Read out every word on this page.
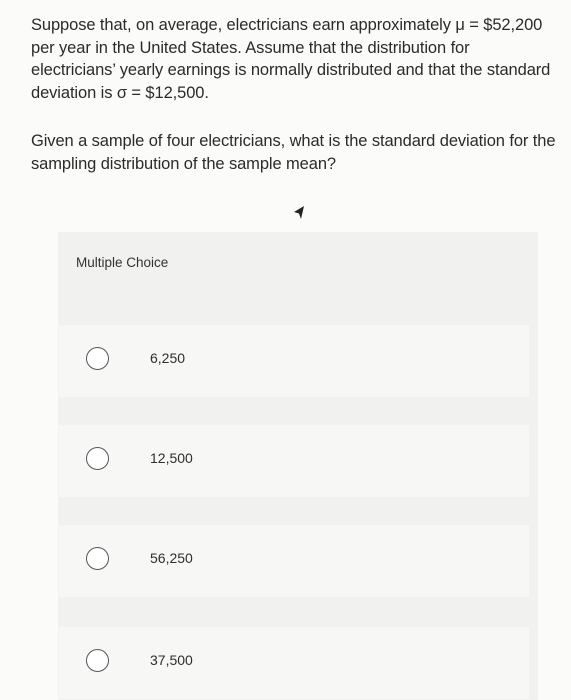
Suppose that, on average, electricians earn approximately μ = $52,200 per year in the United States. Assume that the distribution for electricians’ yearly earnings is normally distributed and that the standard deviation is σ = $12,500.

Given a sample of four electricians, what is the standard deviation for the sampling distribution of the sample mean?

Multiple Choice
6,250
12,500
56,250
37,500
